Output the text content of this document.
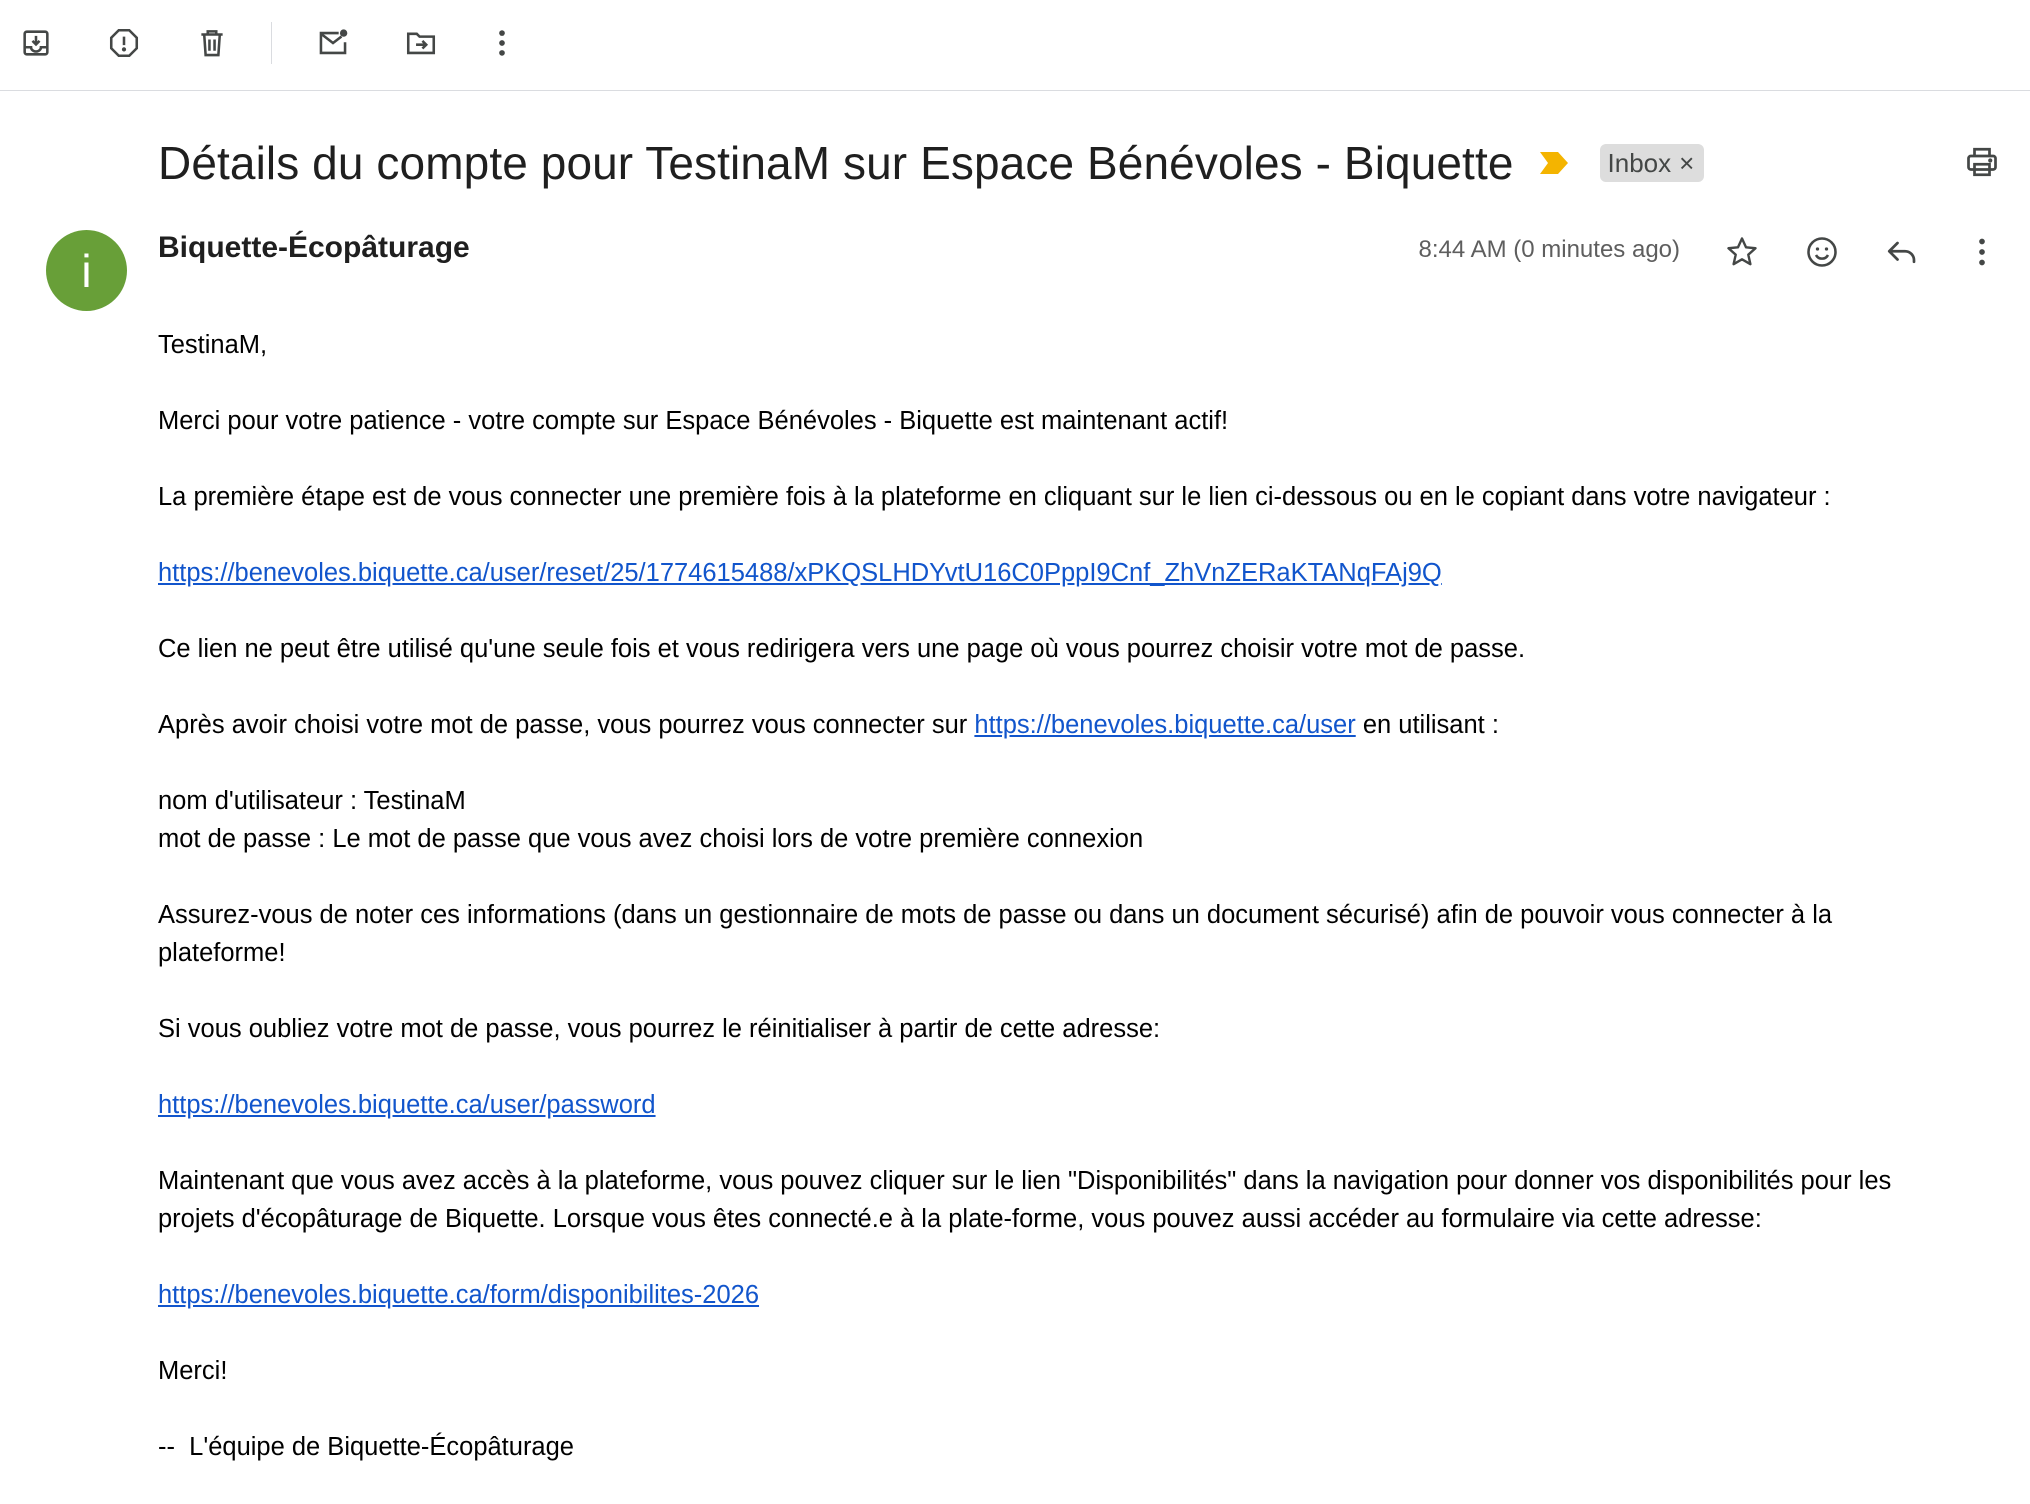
Détails du compte pour TestinaM sur Espace Bénévoles - Biquette	Inbox ×
i	Biquette-Écopâturage	8:44 AM (0 minutes ago)

TestinaM,

Merci pour votre patience - votre compte sur Espace Bénévoles - Biquette est maintenant actif!

La première étape est de vous connecter une première fois à la plateforme en cliquant sur le lien ci-dessous ou en le copiant dans votre navigateur :

https://benevoles.biquette.ca/user/reset/25/1774615488/xPKQSLHDYvtU16C0PppI9Cnf_ZhVnZERaKTANqFAj9Q

Ce lien ne peut être utilisé qu'une seule fois et vous redirigera vers une page où vous pourrez choisir votre mot de passe.

Après avoir choisi votre mot de passe, vous pourrez vous connecter sur https://benevoles.biquette.ca/user en utilisant :

nom d'utilisateur : TestinaM
mot de passe : Le mot de passe que vous avez choisi lors de votre première connexion

Assurez-vous de noter ces informations (dans un gestionnaire de mots de passe ou dans un document sécurisé) afin de pouvoir vous connecter à la plateforme!

Si vous oubliez votre mot de passe, vous pourrez le réinitialiser à partir de cette adresse:

https://benevoles.biquette.ca/user/password

Maintenant que vous avez accès à la plateforme, vous pouvez cliquer sur le lien "Disponibilités" dans la navigation pour donner vos disponibilités pour les projets d'écopâturage de Biquette. Lorsque vous êtes connecté.e à la plate-forme, vous pouvez aussi accéder au formulaire via cette adresse:

https://benevoles.biquette.ca/form/disponibilites-2026

Merci!

--  L'équipe de Biquette-Écopâturage
